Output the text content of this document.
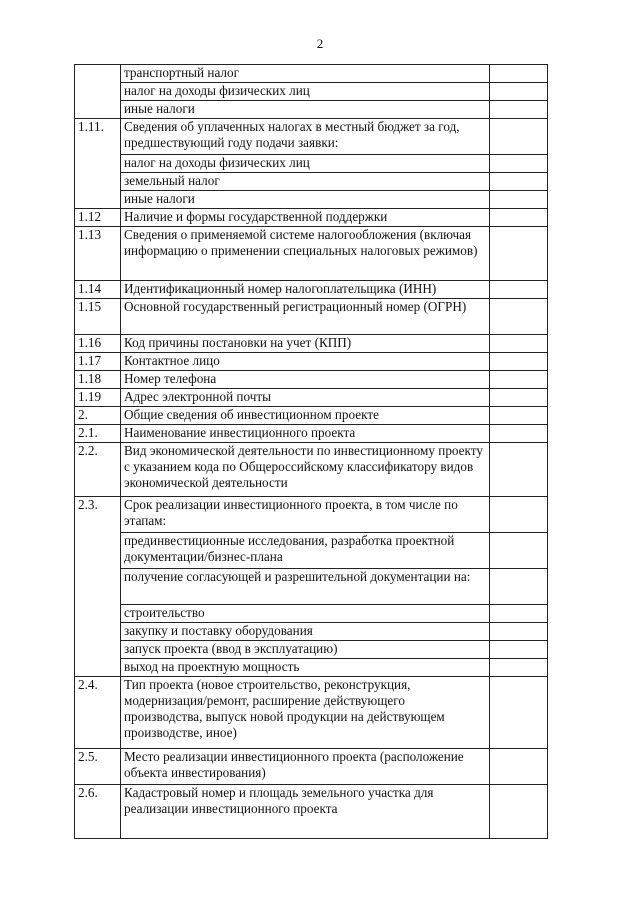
2
	транспортный налог	
	налог на доходы физических лиц	
	иные налоги	
1.11.	Сведения об уплаченных налогах в местный бюджет за год, предшествующий году подачи заявки:	
	налог на доходы физических лиц	
	земельный налог	
	иные налоги	
1.12	Наличие и формы государственной поддержки	
1.13	Сведения о применяемой системе налогообложения (включая информацию о применении специальных налоговых режимов)	
1.14	Идентификационный номер налогоплательщика (ИНН)	
1.15	Основной государственный регистрационный номер (ОГРН)	
1.16	Код причины постановки на учет (КПП)	
1.17	Контактное лицо	
1.18	Номер телефона	
1.19	Адрес электронной почты	
2.	Общие сведения об инвестиционном проекте	
2.1.	Наименование инвестиционного проекта	
2.2.	Вид экономической деятельности по инвестиционному проекту с указанием кода по Общероссийскому классификатору видов экономической деятельности	
2.3.	Срок реализации инвестиционного проекта, в том числе по этапам:	
	прединвестиционные исследования, разработка проектной документации/бизнес-плана	
	получение согласующей и разрешительной документации на:	
	строительство	
	закупку и поставку оборудования	
	запуск проекта (ввод в эксплуатацию)	
	выход на проектную мощность	
2.4.	Тип проекта (новое строительство, реконструкция, модернизация/ремонт, расширение действующего производства, выпуск новой продукции на действующем производстве, иное)	
2.5.	Место реализации инвестиционного проекта (расположение объекта инвестирования)	
2.6.	Кадастровый номер и площадь земельного участка для реализации инвестиционного проекта	
